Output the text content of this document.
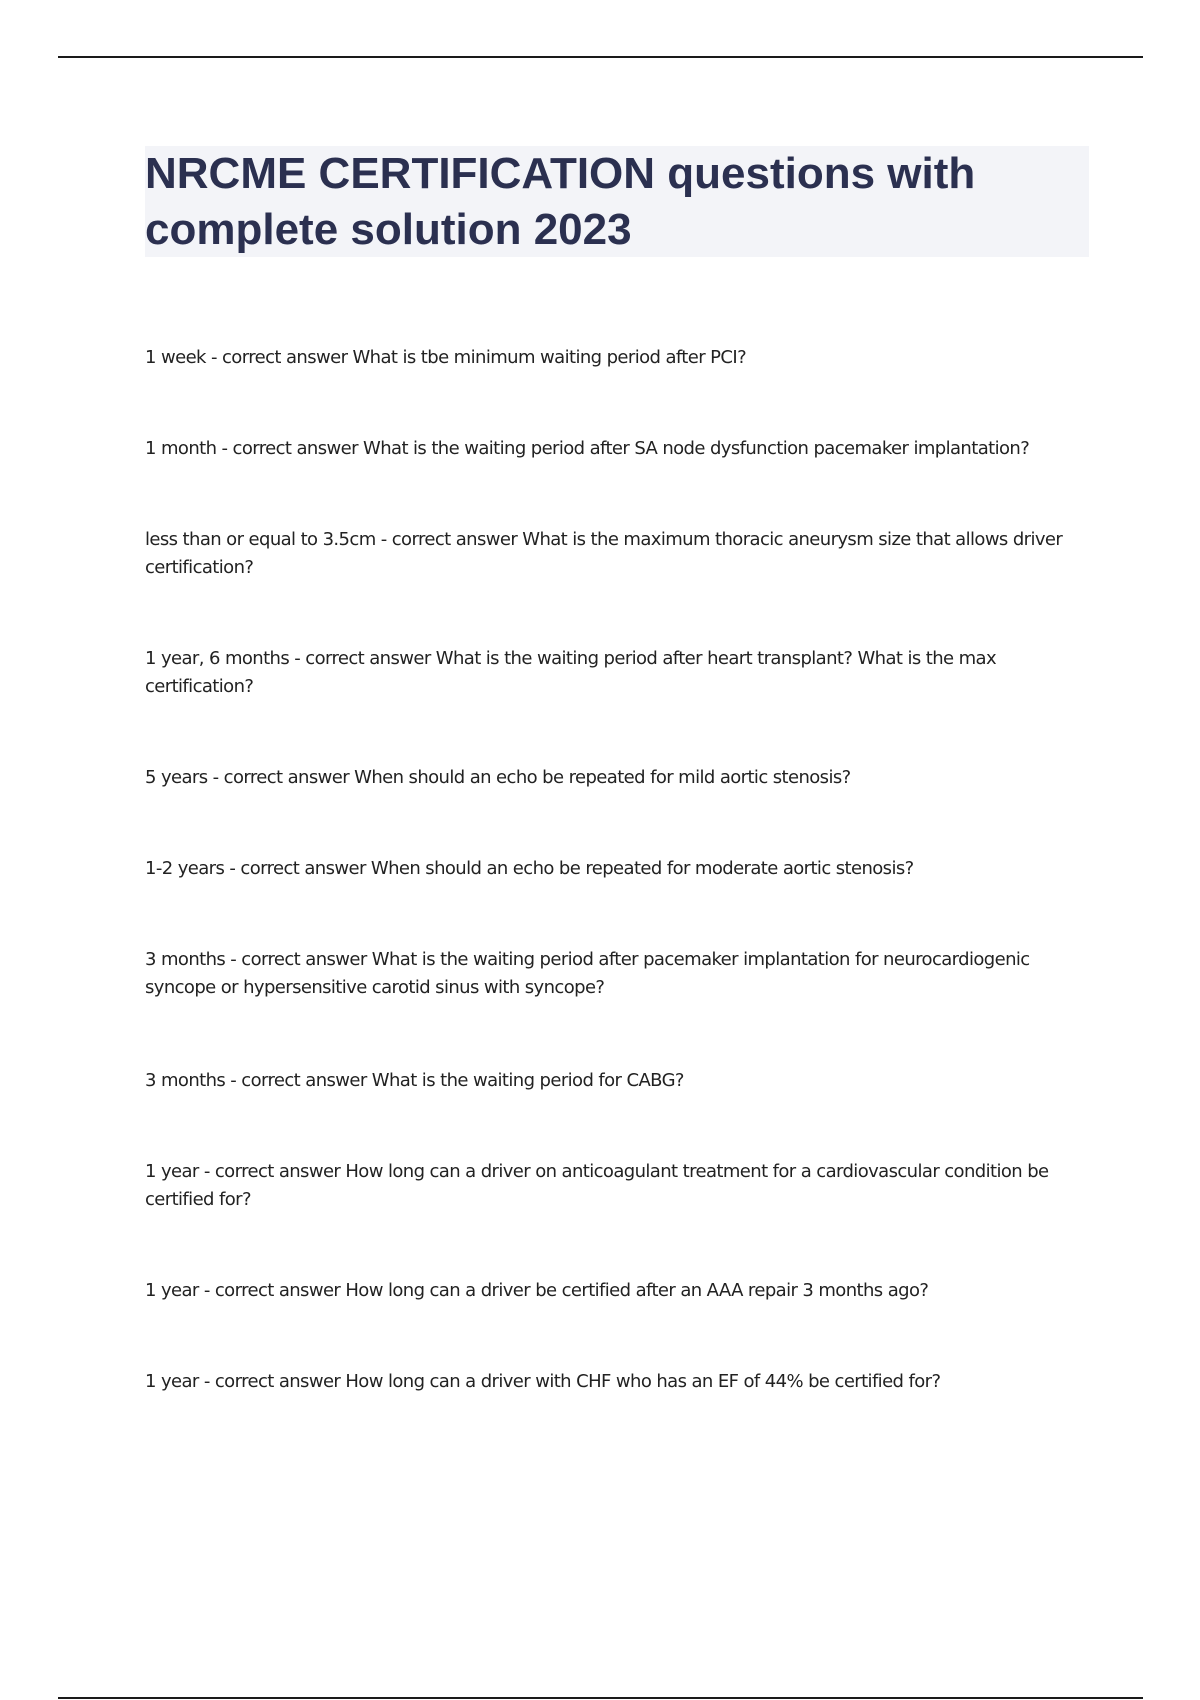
NRCME CERTIFICATION questions with complete solution 2023
1 week - correct answer What is tbe minimum waiting period after PCI?
1 month - correct answer What is the waiting period after SA node dysfunction pacemaker implantation?
less than or equal to 3.5cm - correct answer What is the maximum thoracic aneurysm size that allows driver certification?
1 year, 6 months - correct answer What is the waiting period after heart transplant? What is the max certification?
5 years - correct answer When should an echo be repeated for mild aortic stenosis?
1-2 years - correct answer When should an echo be repeated for moderate aortic stenosis?
3 months - correct answer What is the waiting period after pacemaker implantation for neurocardiogenic syncope or hypersensitive carotid sinus with syncope?
3 months - correct answer What is the waiting period for CABG?
1 year - correct answer How long can a driver on anticoagulant treatment for a cardiovascular condition be certified for?
1 year - correct answer How long can a driver be certified after an AAA repair 3 months ago?
1 year - correct answer How long can a driver with CHF who has an EF of 44% be certified for?
